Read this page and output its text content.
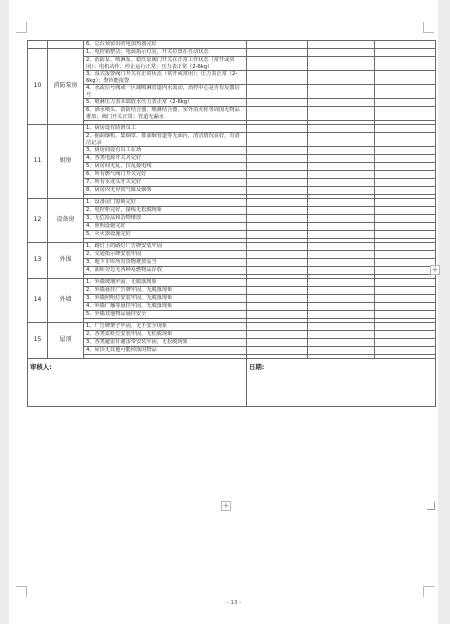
		6、总台预留出的电加热器完好			
10	消防泵房	1、电控箱整洁；电源指示灯亮，开关位置在自动状态			
		2、消防泵、喷淋泵、稳压泵阀门开关在正常工作状态（常开或常闭）；电机动作、停止运行正常；压力表正常（2-6kg）			
		3、湿式报警阀门开关在正常状态（常开或常闭）；压力表正常（2-6kg）；警铃能报警			
		4、水流信号阀或一区域喷淋管道内水流动，消控中心是否有反馈信号			
		5、喷淋压力表末端放水压力表正常（2-6kg）			
		6、洒水喷头、消防结合器、喷淋结合器、室外消火栓等周围无物品堆放；阀门开关正常；管道无漏水			

11	厨房	1、厨房设有防滑员工			
		2、抽油烟机、集烟罩、排油烟管道等无油污，清洁情况良好，有清洁记录			
		3、厨房间设有员工在场			
		4、各类电源开关齐完好			
		5、厨房间无乱、拉乱接电线			
		6、所有燃气阀门开关完好			
		7、所有水龙头开关完好			
		8、厨房内无异常气味及烟雾			

12	设备房	1、设备房门窗锁完好			
		2、电控柜完好，接线无松脱现象			
		3、无危险品和杂物堆放			
		4、照明设施完好			
		5、灭火器设施完好			

13	外围	1、路灯上的路灯广告牌安装牢固			
		2、交通指示牌安装牢固			
		3、地下车库所有货物堆放妥当			
		4、油库旁边无各种易燃物品存放			

14	外墙	1、外墙玻璃牢固，无脱落现象			
		2、外墙悬挂广告牌牢固，无脱落现象			
		3、外墙照明灯安装牢固，无脱落现象			
		4、外墙广播等悬挂牢固，无脱落现象			
		5、外墙其他物品悬挂安全			

15	屋顶	1、广告牌架子牢固，无不安全现象			
		2、各类霓虹灯安装牢固，无松脱现象			
		3、各类避雷针避雷带安装牢固，无松脱现象			
		4、屋顶无其他可能掉落的物品			

审核人:			日期:		
- 13 -
+
+
